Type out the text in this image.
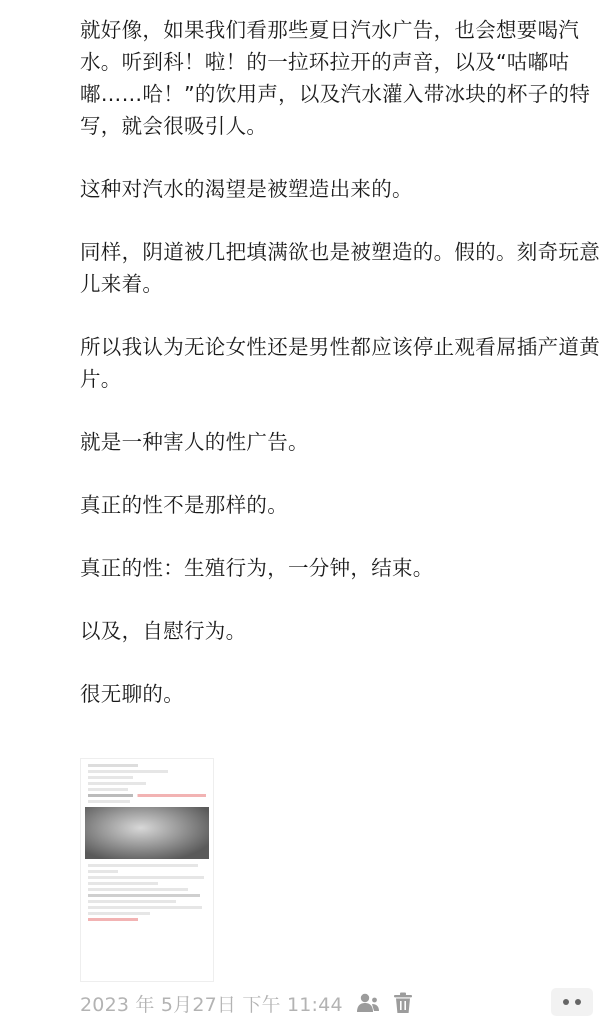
就好像，如果我们看那些夏日汽水广告，也会想要喝汽水。听到科！啦！的一拉环拉开的声音，以及“咕嘟咕嘟……哈！”的饮用声，以及汽水灌入带冰块的杯子的特写，就会很吸引人。

这种对汽水的渴望是被塑造出来的。

同样，阴道被几把填满欲也是被塑造的。假的。刻奇玩意儿来着。

所以我认为无论女性还是男性都应该停止观看屌插产道黄片。

就是一种害人的性广告。

真正的性不是那样的。

真正的性：生殖行为，一分钟，结束。

以及，自慰行为。

很无聊的。

2023 年 5月27日 下午 11:44
